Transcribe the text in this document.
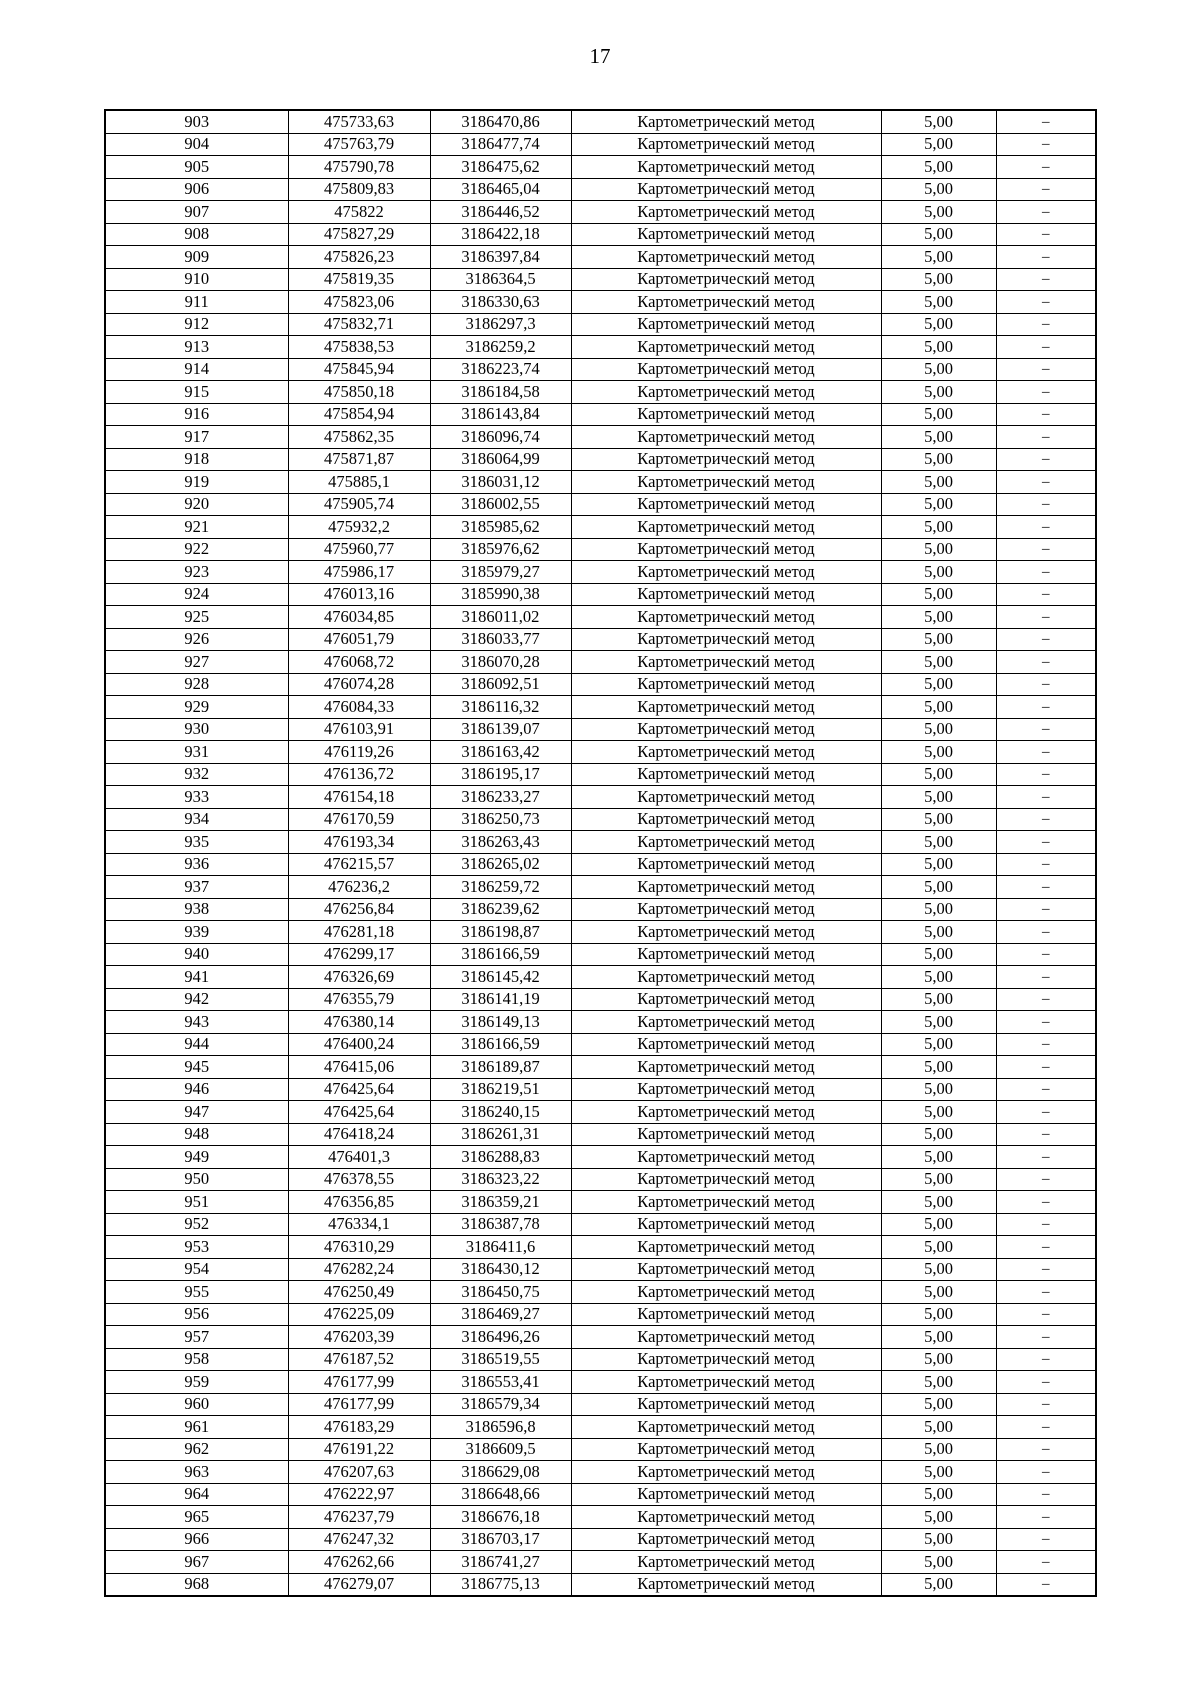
17
903	475733,63	3186470,86	Картометрический метод	5,00	–
904	475763,79	3186477,74	Картометрический метод	5,00	–
905	475790,78	3186475,62	Картометрический метод	5,00	–
906	475809,83	3186465,04	Картометрический метод	5,00	–
907	475822	3186446,52	Картометрический метод	5,00	–
908	475827,29	3186422,18	Картометрический метод	5,00	–
909	475826,23	3186397,84	Картометрический метод	5,00	–
910	475819,35	3186364,5	Картометрический метод	5,00	–
911	475823,06	3186330,63	Картометрический метод	5,00	–
912	475832,71	3186297,3	Картометрический метод	5,00	–
913	475838,53	3186259,2	Картометрический метод	5,00	–
914	475845,94	3186223,74	Картометрический метод	5,00	–
915	475850,18	3186184,58	Картометрический метод	5,00	–
916	475854,94	3186143,84	Картометрический метод	5,00	–
917	475862,35	3186096,74	Картометрический метод	5,00	–
918	475871,87	3186064,99	Картометрический метод	5,00	–
919	475885,1	3186031,12	Картометрический метод	5,00	–
920	475905,74	3186002,55	Картометрический метод	5,00	–
921	475932,2	3185985,62	Картометрический метод	5,00	–
922	475960,77	3185976,62	Картометрический метод	5,00	–
923	475986,17	3185979,27	Картометрический метод	5,00	–
924	476013,16	3185990,38	Картометрический метод	5,00	–
925	476034,85	3186011,02	Картометрический метод	5,00	–
926	476051,79	3186033,77	Картометрический метод	5,00	–
927	476068,72	3186070,28	Картометрический метод	5,00	–
928	476074,28	3186092,51	Картометрический метод	5,00	–
929	476084,33	3186116,32	Картометрический метод	5,00	–
930	476103,91	3186139,07	Картометрический метод	5,00	–
931	476119,26	3186163,42	Картометрический метод	5,00	–
932	476136,72	3186195,17	Картометрический метод	5,00	–
933	476154,18	3186233,27	Картометрический метод	5,00	–
934	476170,59	3186250,73	Картометрический метод	5,00	–
935	476193,34	3186263,43	Картометрический метод	5,00	–
936	476215,57	3186265,02	Картометрический метод	5,00	–
937	476236,2	3186259,72	Картометрический метод	5,00	–
938	476256,84	3186239,62	Картометрический метод	5,00	–
939	476281,18	3186198,87	Картометрический метод	5,00	–
940	476299,17	3186166,59	Картометрический метод	5,00	–
941	476326,69	3186145,42	Картометрический метод	5,00	–
942	476355,79	3186141,19	Картометрический метод	5,00	–
943	476380,14	3186149,13	Картометрический метод	5,00	–
944	476400,24	3186166,59	Картометрический метод	5,00	–
945	476415,06	3186189,87	Картометрический метод	5,00	–
946	476425,64	3186219,51	Картометрический метод	5,00	–
947	476425,64	3186240,15	Картометрический метод	5,00	–
948	476418,24	3186261,31	Картометрический метод	5,00	–
949	476401,3	3186288,83	Картометрический метод	5,00	–
950	476378,55	3186323,22	Картометрический метод	5,00	–
951	476356,85	3186359,21	Картометрический метод	5,00	–
952	476334,1	3186387,78	Картометрический метод	5,00	–
953	476310,29	3186411,6	Картометрический метод	5,00	–
954	476282,24	3186430,12	Картометрический метод	5,00	–
955	476250,49	3186450,75	Картометрический метод	5,00	–
956	476225,09	3186469,27	Картометрический метод	5,00	–
957	476203,39	3186496,26	Картометрический метод	5,00	–
958	476187,52	3186519,55	Картометрический метод	5,00	–
959	476177,99	3186553,41	Картометрический метод	5,00	–
960	476177,99	3186579,34	Картометрический метод	5,00	–
961	476183,29	3186596,8	Картометрический метод	5,00	–
962	476191,22	3186609,5	Картометрический метод	5,00	–
963	476207,63	3186629,08	Картометрический метод	5,00	–
964	476222,97	3186648,66	Картометрический метод	5,00	–
965	476237,79	3186676,18	Картометрический метод	5,00	–
966	476247,32	3186703,17	Картометрический метод	5,00	–
967	476262,66	3186741,27	Картометрический метод	5,00	–
968	476279,07	3186775,13	Картометрический метод	5,00	–
